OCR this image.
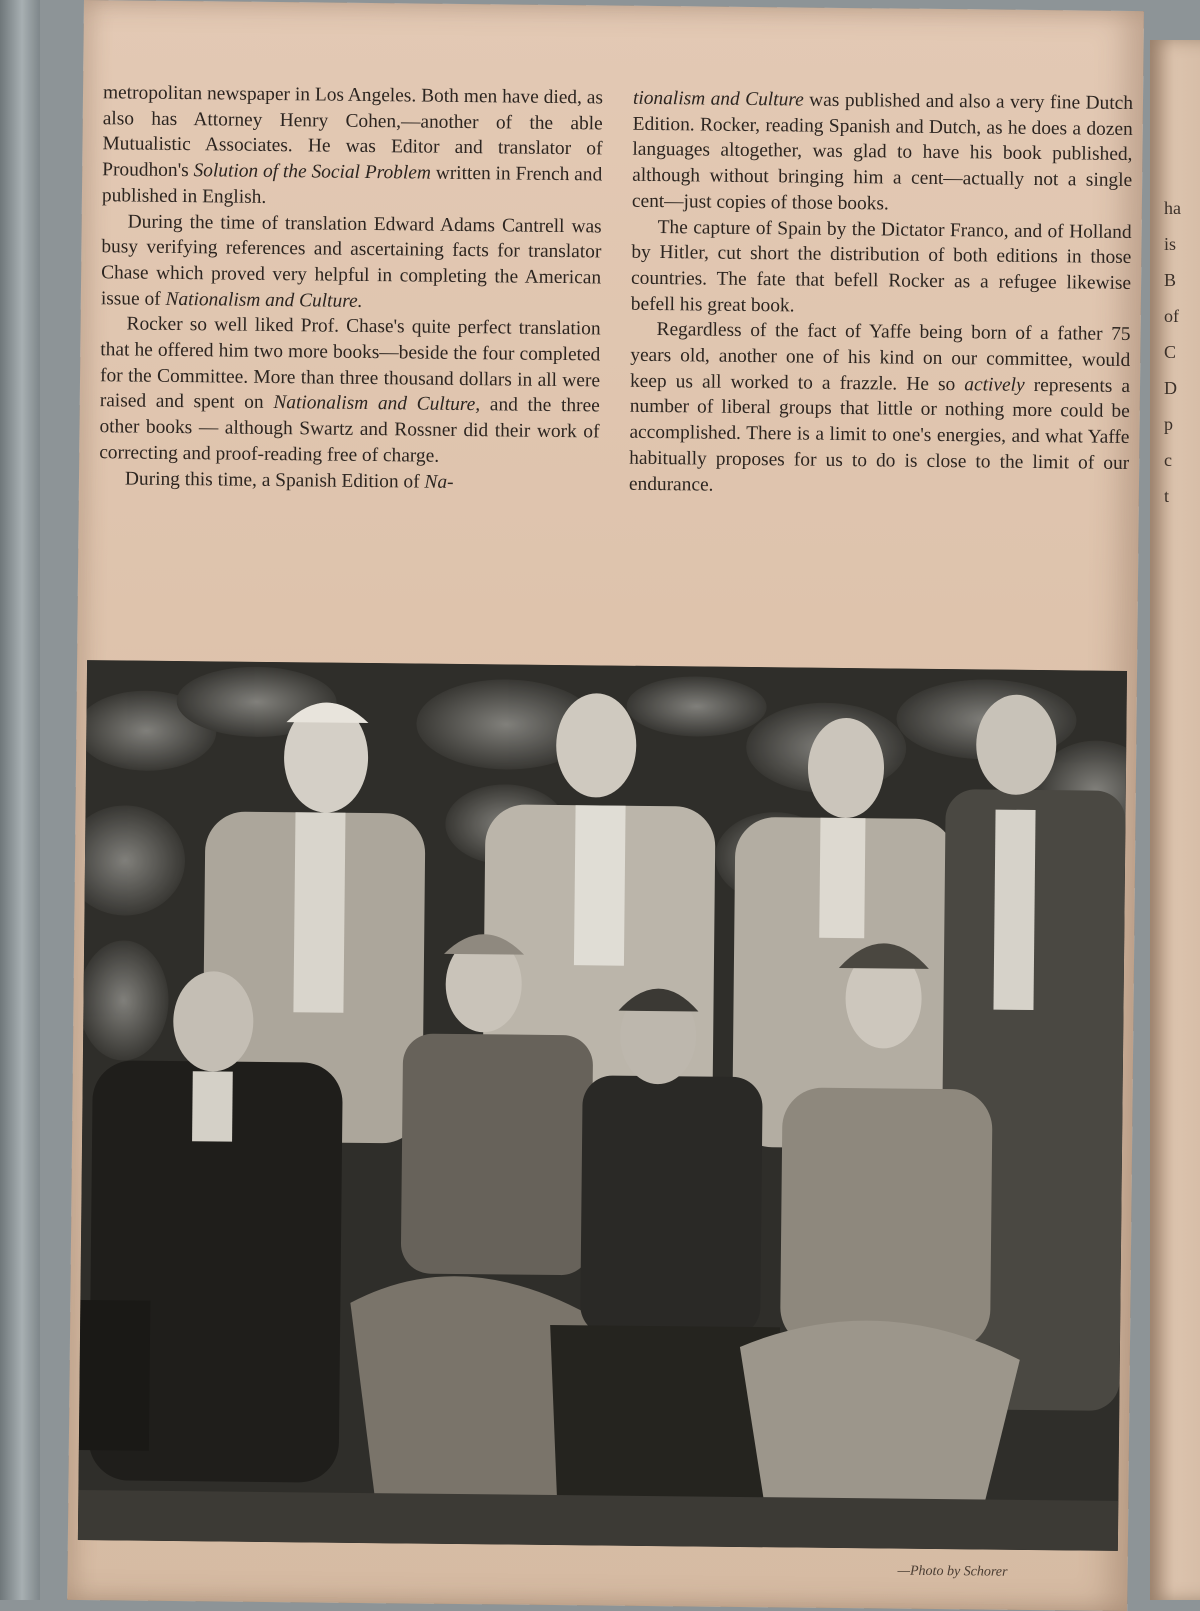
ha
is
B
of
C
D
p
c
t

metropolitan newspaper in Los Angeles. Both men have died, as also has Attorney Henry Cohen,—another of the able Mutualistic Associates. He was Editor and translator of Proudhon's Solution of the Social Problem written in French and published in English.

During the time of translation Edward Adams Cantrell was busy verifying references and ascertaining facts for translator Chase which proved very helpful in completing the American issue of Nationalism and Culture.

Rocker so well liked Prof. Chase's quite perfect translation that he offered him two more books—beside the four completed for the Committee. More than three thousand dollars in all were raised and spent on Nationalism and Culture, and the three other books — although Swartz and Rossner did their work of correcting and proof-reading free of charge.

During this time, a Spanish Edition of Na-

tionalism and Culture was published and also a very fine Dutch Edition. Rocker, reading Spanish and Dutch, as he does a dozen languages altogether, was glad to have his book published, although without bringing him a cent—actually not a single cent—just copies of those books.

The capture of Spain by the Dictator Franco, and of Holland by Hitler, cut short the distribution of both editions in those countries. The fate that befell Rocker as a refugee likewise befell his great book.

Regardless of the fact of Yaffe being born of a father 75 years old, another one of his kind on our committee, would keep us all worked to a frazzle. He so actively represents a number of liberal groups that little or nothing more could be accomplished. There is a limit to one's energies, and what Yaffe habitually proposes for us to do is close to the limit of our endurance.

—Photo by Schorer
